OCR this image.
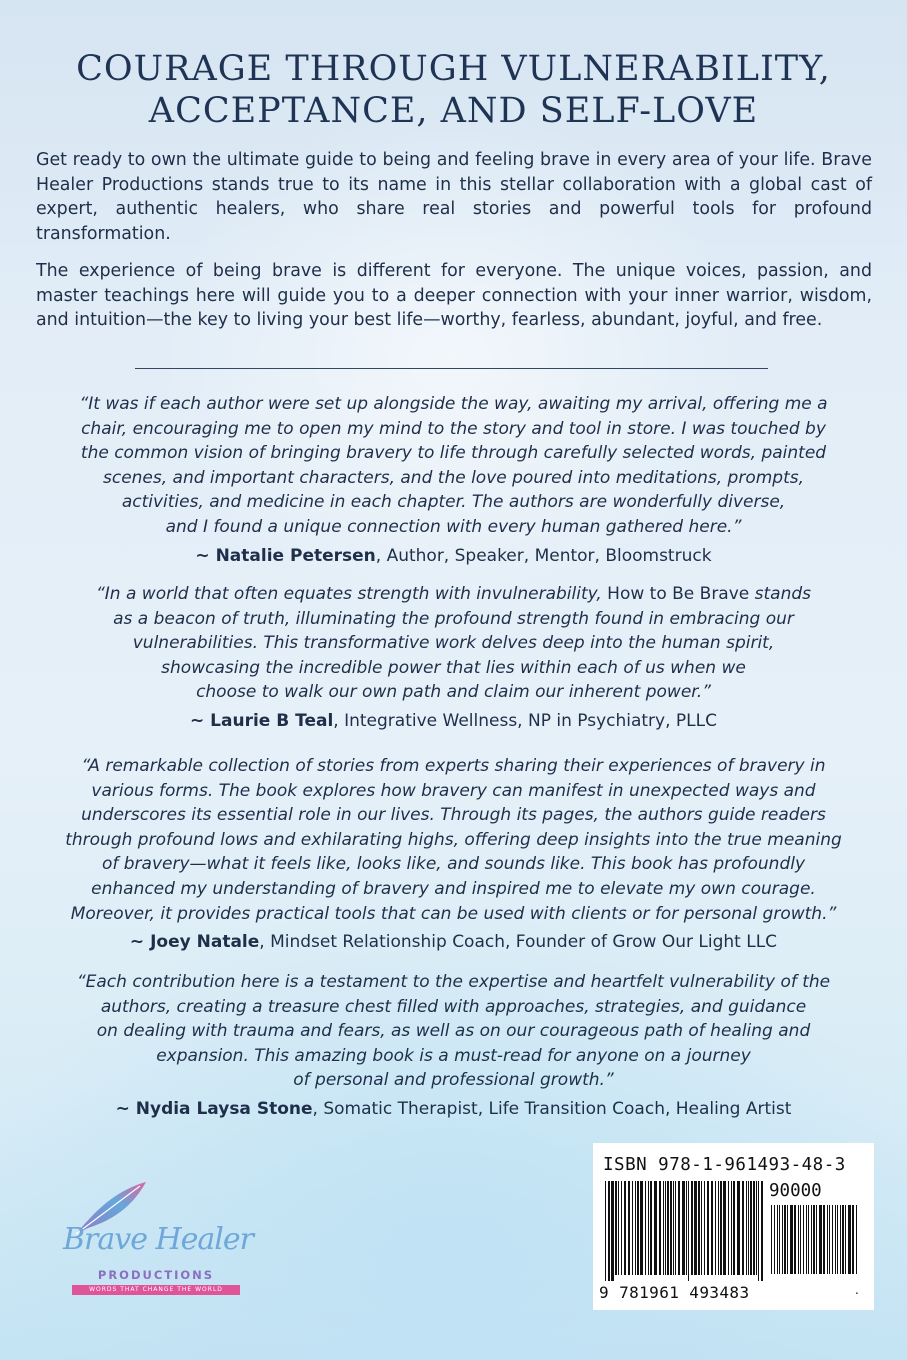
COURAGE THROUGH VULNERABILITY,
ACCEPTANCE, AND SELF-LOVE

Get ready to own the ultimate guide to being and feeling brave in every area of your life. Brave Healer Productions stands true to its name in this stellar collaboration with a global cast of expert, authentic healers, who share real stories and powerful tools for profound transformation.

The experience of being brave is different for everyone. The unique voices, passion, and master teachings here will guide you to a deeper connection with your inner warrior, wisdom, and intuition—the key to living your best life—worthy, fearless, abundant, joyful, and free.

“It was if each author were set up alongside the way, awaiting my arrival, offering me a
chair, encouraging me to open my mind to the story and tool in store. I was touched by
the common vision of bringing bravery to life through carefully selected words, painted
scenes, and important characters, and the love poured into meditations, prompts,
activities, and medicine in each chapter. The authors are wonderfully diverse,
and I found a unique connection with every human gathered here.”

~ Natalie Petersen, Author, Speaker, Mentor, Bloomstruck

“In a world that often equates strength with invulnerability, How to Be Brave stands
as a beacon of truth, illuminating the profound strength found in embracing our
vulnerabilities. This transformative work delves deep into the human spirit,
showcasing the incredible power that lies within each of us when we
choose to walk our own path and claim our inherent power.”

~ Laurie B Teal, Integrative Wellness, NP in Psychiatry, PLLC

“A remarkable collection of stories from experts sharing their experiences of bravery in
various forms. The book explores how bravery can manifest in unexpected ways and
underscores its essential role in our lives. Through its pages, the authors guide readers
through profound lows and exhilarating highs, offering deep insights into the true meaning
of bravery—what it feels like, looks like, and sounds like. This book has profoundly
enhanced my understanding of bravery and inspired me to elevate my own courage.
Moreover, it provides practical tools that can be used with clients or for personal growth.”

~ Joey Natale, Mindset Relationship Coach, Founder of Grow Our Light LLC

“Each contribution here is a testament to the expertise and heartfelt vulnerability of the
authors, creating a treasure chest filled with approaches, strategies, and guidance
on dealing with trauma and fears, as well as on our courageous path of healing and
expansion. This amazing book is a must-read for anyone on a journey
of personal and professional growth.”

~ Nydia Laysa Stone, Somatic Therapist, Life Transition Coach, Healing Artist

Brave Healer
PRODUCTIONS
WORDS THAT CHANGE THE WORLD
ISBN 978-1-961493-48-3
90000
9 781961 493483	.
